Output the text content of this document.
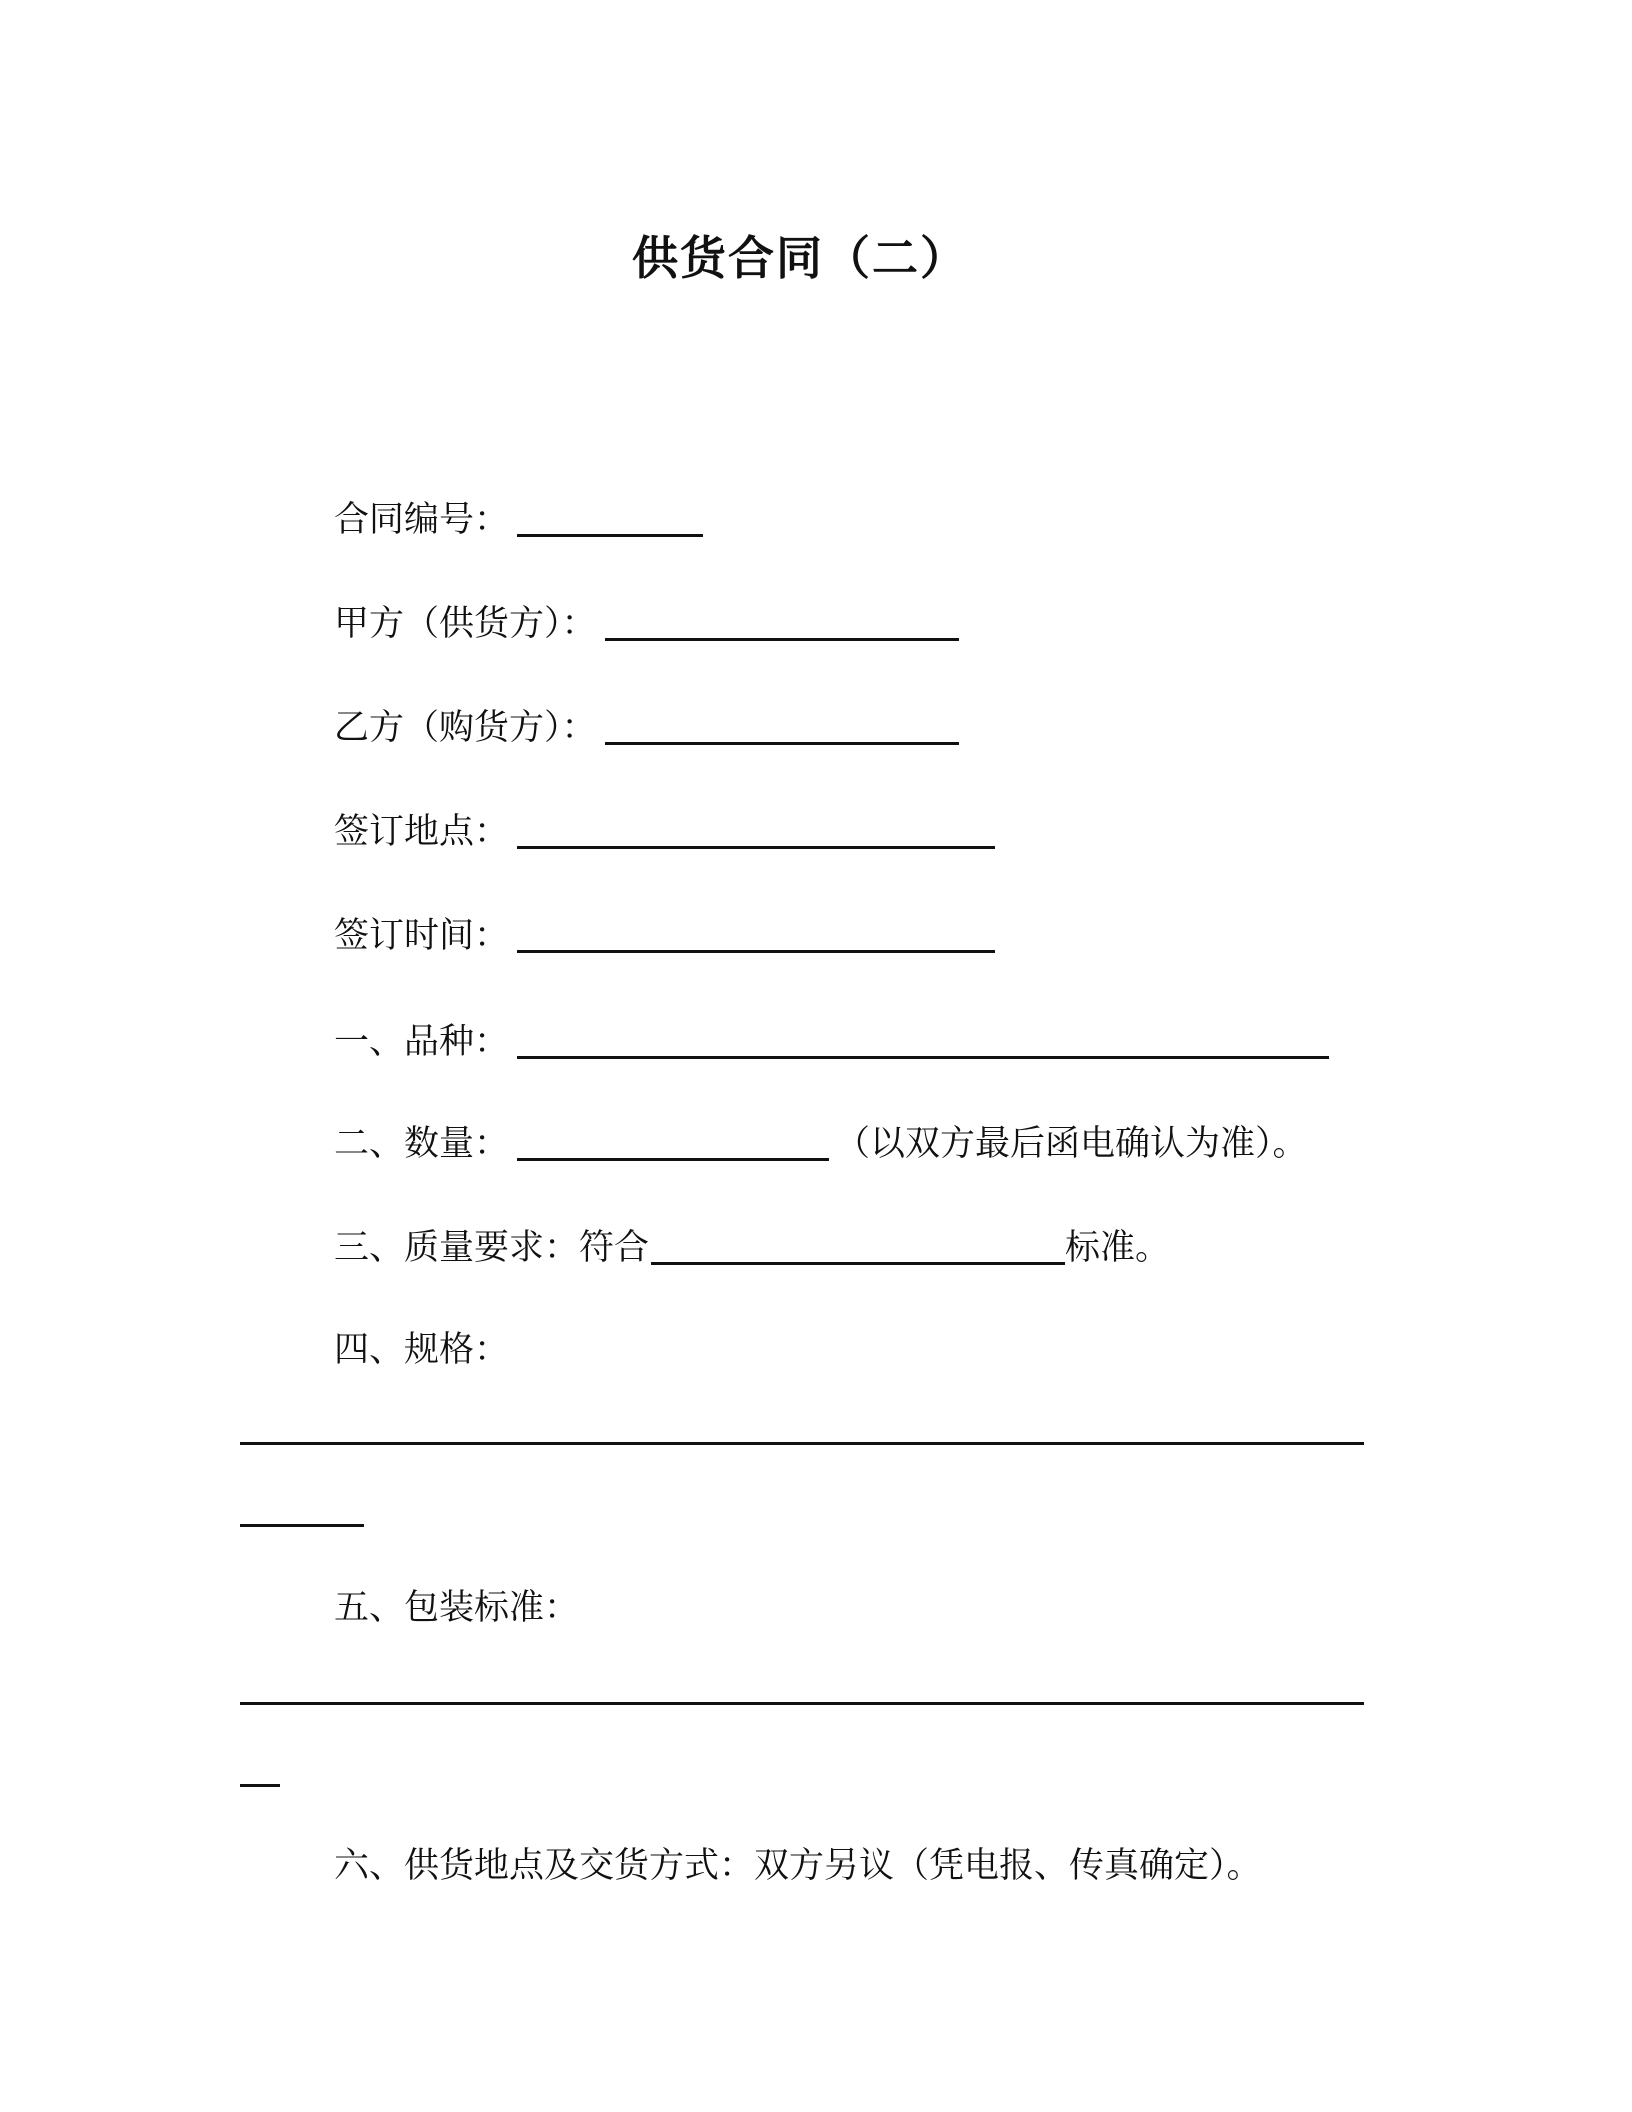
供货合同（二）
合同编号：
甲方（供货方）：
乙方（购货方）：
签订地点：
签订时间：
一、品种：
二、数量：	（以双方最后函电确认为准）。
三、质量要求：符合	标准。
四、规格：
五、包装标准：
六、供货地点及交货方式：双方另议（凭电报、传真确定）。
